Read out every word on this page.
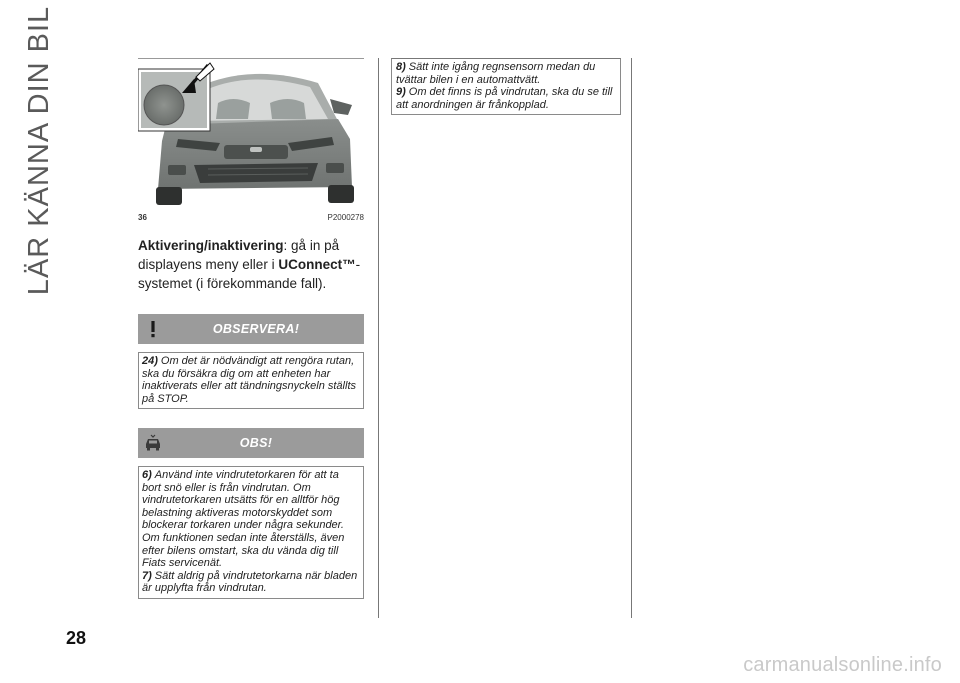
LÄR KÄNNA DIN BIL	36	P2000278
Aktivering/inaktivering: gå in på displayens meny eller i UConnect™-systemet (i förekommande fall).
OBSERVERA!

24) Om det är nödvändigt att rengöra rutan, ska du försäkra dig om att enheten har inaktiverats eller att tändningsnyckeln ställts på STOP.

OBS!

6) Använd inte vindrutetorkaren för att ta bort snö eller is från vindrutan. Om vindrutetorkaren utsätts för en alltför hög belastning aktiveras motorskyddet som blockerar torkaren under några sekunder. Om funktionen sedan inte återställs, även efter bilens omstart, ska du vända dig till Fiats servicenät.

7) Sätt aldrig på vindrutetorkarna när bladen är upplyfta från vindrutan.

8) Sätt inte igång regnsensorn medan du tvättar bilen i en automattvätt.

9) Om det finns is på vindrutan, ska du se till att anordningen är frånkopplad.

28
carmanualsonline.info
